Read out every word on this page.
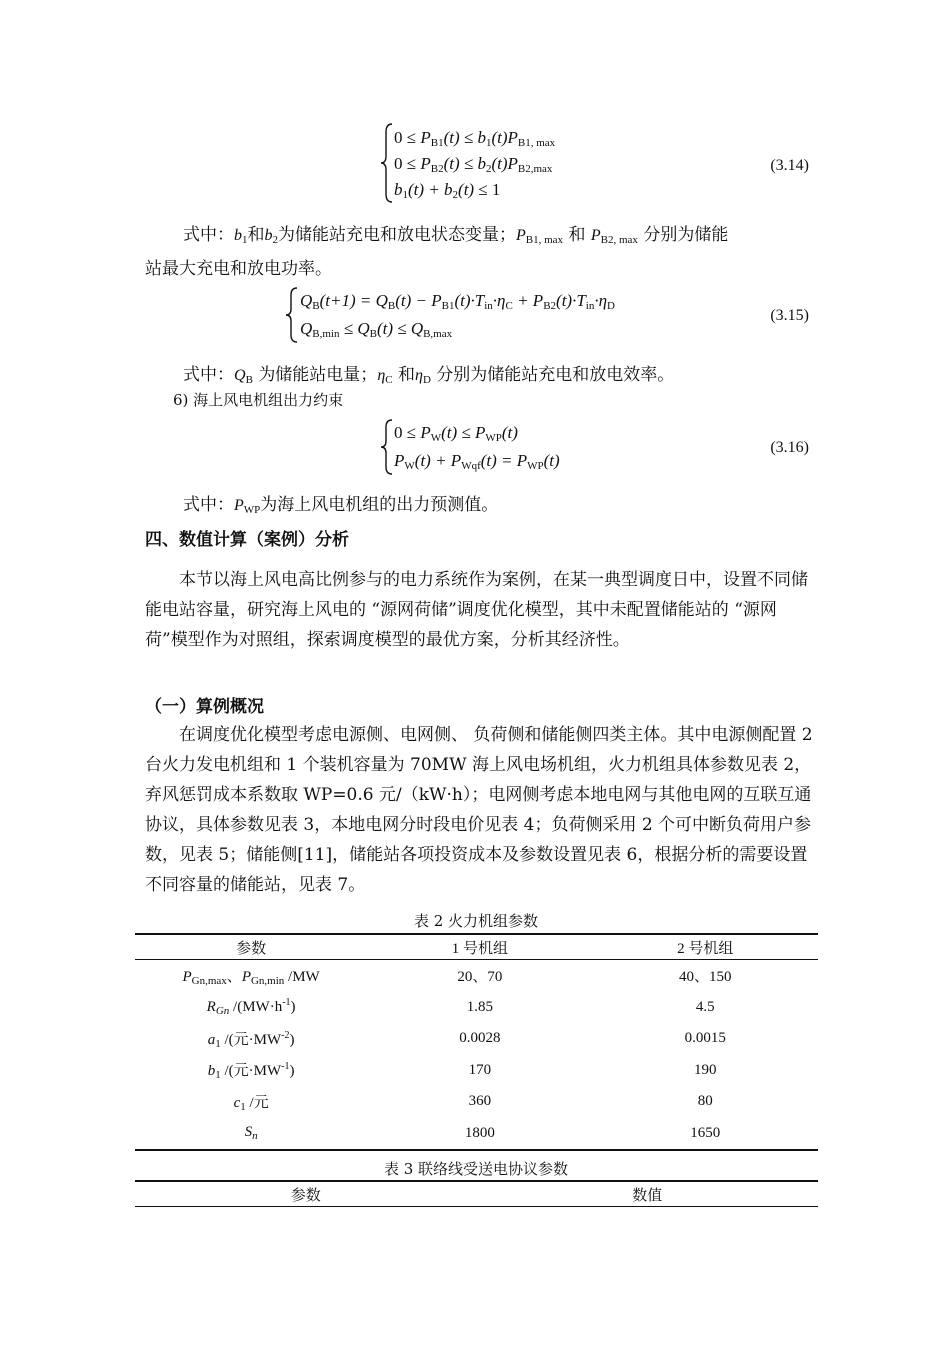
$0 \le P_{B1}(t) \le b_1(t)P_{B1, max}$
$0 \le P_{B2}(t) \le b_2(t)P_{B2,max}$
$b_1(t) + b_2(t) \le 1$
(3.14)
式中：$b_1$和$b_2$为储能站充电和放电状态变量；$P_{B1, max}$ 和 $P_{B2, max}$ 分别为储能
站最大充电和放电功率。
$Q_B(t+1) = Q_B(t) - P_{B1}(t)\cdot T_{in}\cdot\eta_C + P_{B2}(t)\cdot T_{in}\cdot\eta_D$
$Q_{B,min} \le Q_B(t) \le Q_{B,max}$
(3.15)
式中：$Q_B$ 为储能站电量；$\eta_C$ 和$\eta_D$ 分别为储能站充电和放电效率。
6) 海上风电机组出力约束
$0 \le P_W(t) \le P_{WP}(t)$
$P_W(t) + P_{Wqf}(t) = P_{WP}(t)$
(3.16)
式中：$P_{WP}$为海上风电机组的出力预测值。
四、数值计算（案例）分析
本节以海上风电高比例参与的电力系统作为案例，在某一典型调度日中，设置不同储能电站容量，研究海上风电的 “源网荷储”调度优化模型，其中未配置储能站的 “源网荷”模型作为对照组，探索调度模型的最优方案，分析其经济性。
（一）算例概况
在调度优化模型考虑电源侧、电网侧、 负荷侧和储能侧四类主体。其中电源侧配置 2 台火力发电机组和 1 个装机容量为 70MW 海上风电场机组，火力机组具体参数见表 2，弃风惩罚成本系数取 WP=0.6 元/（kW·h）；电网侧考虑本地电网与其他电网的互联互通协议，具体参数见表 3，本地电网分时段电价见表 4；负荷侧采用 2 个可中断负荷用户参数，见表 5；储能侧[11]，储能站各项投资成本及参数设置见表 6，根据分析的需要设置不同容量的储能站，见表 7。
表 2 火力机组参数
参数	1 号机组	2 号机组
$P_{Gn,max}$、$P_{Gn,min}$ /MW	20、70	40、150
$R_{Gn}$ $/(MW\cdot h^{-1})$	1.85	4.5
$a_1$ /(元$\cdot MW^{-2}$)	0.0028	0.0015
$b_1$ /(元$\cdot MW^{-1}$)	170	190
$c_1$ /元	360	80
$S_n$	1800	1650
表 3 联络线受送电协议参数
参数	数值
